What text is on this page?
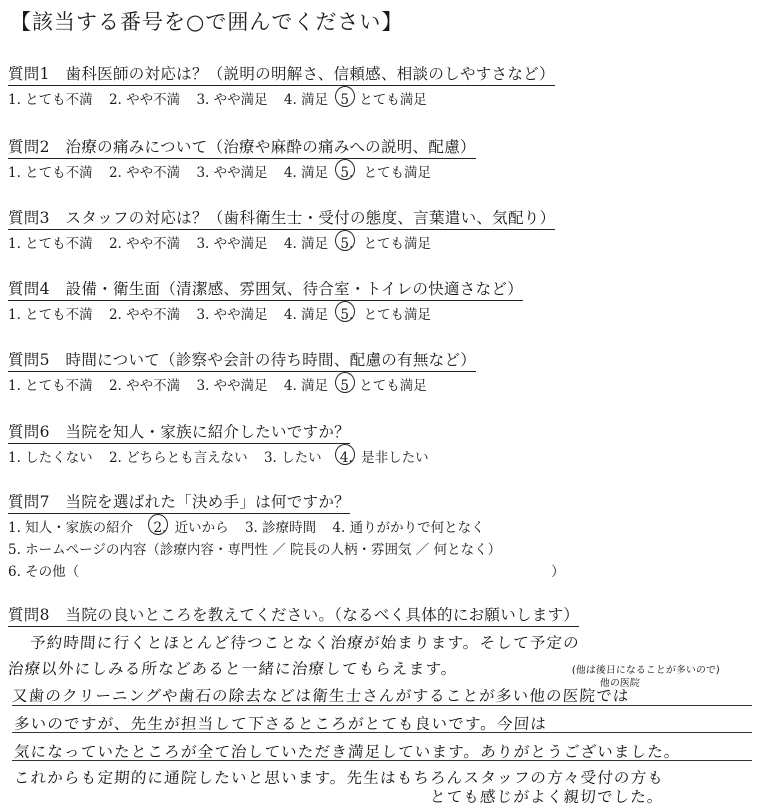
【該当する番号を○で囲んでください】
質問1　歯科医師の対応は？（説明の明解さ、信頼感、相談のしやすさなど）
1. とても不満 2. やや不満 3. やや満足 4. 満足 5 とても満足
質問2　治療の痛みについて（治療や麻酔の痛みへの説明、配慮）
1. とても不満 2. やや不満 3. やや満足 4. 満足 5. とても満足
質問3　スタッフの対応は？（歯科衛生士・受付の態度、言葉遣い、気配り）
1. とても不満 2. やや不満 3. やや満足 4. 満足 5. とても満足
質問4　設備・衛生面（清潔感、雰囲気、待合室・トイレの快適さなど）
1. とても不満 2. やや不満 3. やや満足 4. 満足 5. とても満足
質問5　時間について（診察や会計の待ち時間、配慮の有無など）
1. とても不満 2. やや不満 3. やや満足 4. 満足 5 とても満足
質問6　当院を知人・家族に紹介したいですか？
1. したくない 2. どちらとも言えない 3. したい 4. 是非したい
質問7　当院を選ばれた「決め手」は何ですか？
1. 知人・家族の紹介 2. 近いから 3. 診療時間 4. 通りがかりで何となく
5. ホームページの内容（診療内容・専門性 ／ 院長の人柄・雰囲気 ／ 何となく）
6. その他（	）
質問8　当院の良いところを教えてください。（なるべく具体的にお願いします）
予約時間に行くとほとんど待つことなく治療が始まります。そして予定の
治療以外にしみる所などあると一緒に治療してもらえます。	(他は後日になることが多いので)
他の医院
又歯のクリーニングや歯石の除去などは衛生士さんがすることが多い他の医院では
多いのですが、先生が担当して下さるところがとても良いです。今回は
気になっていたところが全て治していただき満足しています。ありがとうございました。
これからも定期的に通院したいと思います。先生はもちろんスタッフの方々受付の方も
とても感じがよく親切でした。
